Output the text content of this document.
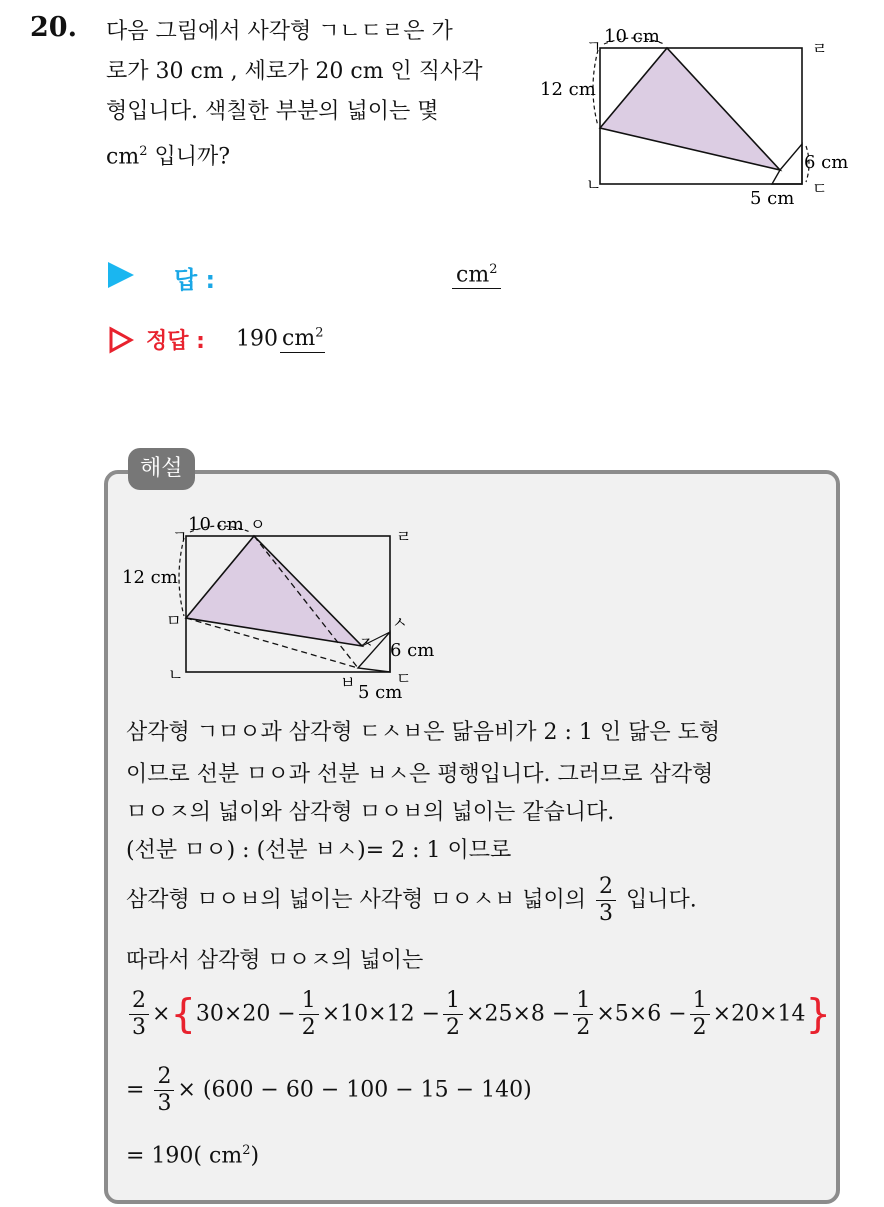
20. 다음 그림에서 사각형 ㄱㄴㄷㄹ은 가
로가 30 cm , 세로가 20 cm 인 직사각
형입니다. 색칠한 부분의 넓이는 몇
$cm^2$ 입니까?
ㄱ
ㄴ	ㄷ
ㄹ
10 cm
12 cm
6 cm
5 cm
답 :	$cm^2$
정답 : 190 $cm^2$
해설
ㄱ
ㄴ	ㄷ
ㄹ
ㅁ
ㅇ
ㅈ
ㅅ
ㅂ
10 cm
12 cm
6 cm
5 cm
삼각형 ㄱㅁㅇ과 삼각형 ㄷㅅㅂ은 닮음비가 2 : 1 인 닮은 도형
이므로 선분 ㅁㅇ과 선분 ㅂㅅ은 평행입니다. 그러므로 삼각형
ㅁㅇㅈ의 넓이와 삼각형 ㅁㅇㅂ의 넓이는 같습니다.
(선분 ㅁㅇ) : (선분 ㅂㅅ)= 2 : 1 이므로
삼각형 ㅁㅇㅂ의 넓이는 사각형 ㅁㅇㅅㅂ 넓이의 $\frac{2}{3}$ 입니다.
따라서 삼각형 ㅁㅇㅈ의 넓이는
$\frac{2}{3} \times\{30\times 20 - \frac{1}{2} \times 10\times 12 - \frac{1}{2} \times 25\times 8 - \frac{1}{2} \times 5\times 6 - \frac{1}{2} \times 20\times 14\}$
= $\frac{2}{3} \times (600 - 60 - 100 - 15 - 140)$
= 190( $cm^2$)
